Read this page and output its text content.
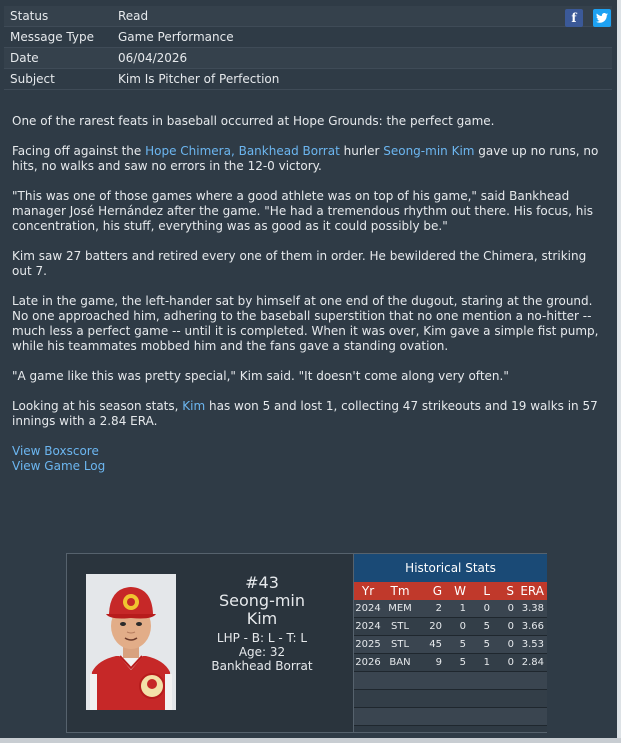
Status	Read
Message Type	Game Performance
Date	06/04/2026
Subject	Kim Is Pitcher of Perfection
f

One of the rarest feats in baseball occurred at Hope Grounds: the perfect game.

Facing off against the Hope Chimera, Bankhead Borrat hurler Seong-min Kim gave up no runs, no hits, no walks and saw no errors in the 12-0 victory.

"This was one of those games where a good athlete was on top of his game," said Bankhead manager José Hernández after the game. "He had a tremendous rhythm out there. His focus, his concentration, his stuff, everything was as good as it could possibly be."

Kim saw 27 batters and retired every one of them in order. He bewildered the Chimera, striking out 7.

Late in the game, the left-hander sat by himself at one end of the dugout, staring at the ground. No one approached him, adhering to the baseball superstition that no one mention a no-hitter -- much less a perfect game -- until it is completed. When it was over, Kim gave a simple fist pump, while his teammates mobbed him and the fans gave a standing ovation.

"A game like this was pretty special," Kim said. "It doesn't come along very often."

Looking at his season stats, Kim has won 5 and lost 1, collecting 47 strikeouts and 19 walks in 57 innings with a 2.84 ERA.

View Boxscore
View Game Log
#43
Seong-min
Kim
LHP - B: L - T: L
Age: 32
Bankhead Borrat
Historical Stats
Yr	Tm	G	W	L	S ERA
2024 MEM	2	1	0	0 3.38
2024	STL	20	0	5	0 3.66
2025	STL	45	5	5	0 3.53
2026 BAN	9	5	1	0 2.84
